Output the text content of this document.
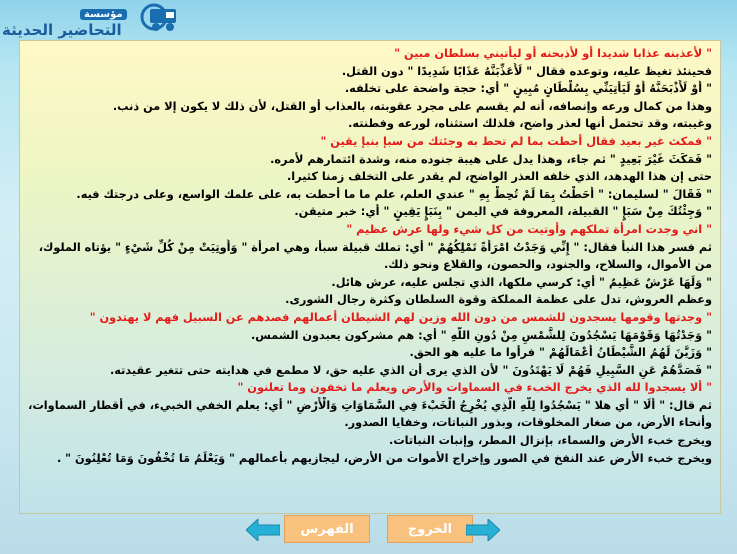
مؤسسة
التحاضير الحديثة
" لأعذبنه عذابا شديدا أو لأذبحنه أو ليأتيني بسلطان مبين "
فحينئذ تغيظ عليه، وتوعده فقال " لَأُعَذِّبَنَّهُ عَذَابًا شَدِيدًا " دون القتل.
" أَوْ لَأَذْبَحَنَّهُ أَوْ لَيَأْتِيَنِّي بِسُلْطَانٍ مُبِينٍ " أي: حجة واضحة على تخلفه.
وهذا من كمال ورعه وإنصافه، أنه لم يقسم على مجرد عقوبته، بالعذاب أو القتل، لأن ذلك لا يكون إلا من ذنب.
وغيبته، وقد تحتمل أنها لعذر واضح، فلذلك استثناه، لورعه وفطنته.
" فمكث غير بعيد فقال أحطت بما لم تحط به وجئتك من سبإ بنبإ يقين "
" فَمَكَثَ غَيْرَ بَعِيدٍ " ثم جاء، وهذا يدل على هيبة جنوده منه، وشدة ائتمارهم لأمره.
حتى إن هذا الهدهد، الذي خلفه العذر الواضح، لم يقدر على التخلف زمنا كثيرا.
" فَقَالَ " لسليمان: " أَحَطْتُ بِمَا لَمْ تُحِطْ بِهِ " عندي العلم، علم ما ما أحطت به، على علمك الواسع، وعلى درجتك فيه.
" وَجِئْتُكَ مِنْ سَبَإٍ " القبيلة، المعروفة في اليمن " بِنَبَإٍ يَقِينٍ " أي: خبر متيقن.
" اني وجدت امرأة تملكهم وأوتيت من كل شيء ولها عرش عظيم "
ثم فسر هذا النبأ فقال: " إِنِّي وَجَدْتُ امْرَأَةً تَمْلِكُهُمْ " أي: تملك قبيلة سبأ، وهي امرأة " وَأُوتِيَتْ مِنْ كُلِّ شَيْءٍ " يؤتاه الملوك،
من الأموال، والسلاح، والجنود، والحصون، والقلاع ونحو ذلك.
" وَلَهَا عَرْشٌ عَظِيمٌ " أي: كرسي ملكها، الذي تجلس عليه، عرش هائل.
وعظم العروش، تدل على عظمة المملكة وقوة السلطان وكثرة رجال الشورى.
" وجدتها وقومها يسجدون للشمس من دون الله وزين لهم الشيطان أعمالهم فصدهم عن السبيل فهم لا يهتدون "
" وَجَدْتُهَا وَقَوْمَهَا يَسْجُدُونَ لِلشَّمْسِ مِنْ دُونِ اللَّهِ " أي: هم مشركون يعبدون الشمس.
" وَزَيَّنَ لَهُمُ الشَّيْطَانُ أَعْمَالَهُمْ " فرأوا ما عليه هو الحق.
" فَصَدَّهُمْ عَنِ السَّبِيلِ فَهُمْ لَا يَهْتَدُونَ " لأن الذي يرى أن الذي عليه حق، لا مطمع في هدايته حتى تتغير عقيدته.
" ألا يسجدوا لله الذي يخرج الخبء في السماوات والأرض ويعلم ما تخفون وما تعلنون "
ثم قال: " أَلَا " أي هلا " يَسْجُدُوا لِلَّهِ الَّذِي يُخْرِجُ الْخَبْءَ فِي السَّمَاوَاتِ وَالْأَرْضِ " أي: يعلم الخفي الخبيء، في أقطار السماوات،
وأنحاء الأرض، من صغار المخلوقات، وبذور النباتات، وخفايا الصدور.
ويخرج خبء الأرض والسماء، بإنزال المطر، وإنبات النباتات.
ويخرج خبء الأرض عند النفخ في الصور وإخراج الأموات من الأرض، ليجازيهم بأعمالهم " وَيَعْلَمُ مَا تُخْفُونَ وَمَا تُعْلِنُونَ " .
الفهرس	الخروج
